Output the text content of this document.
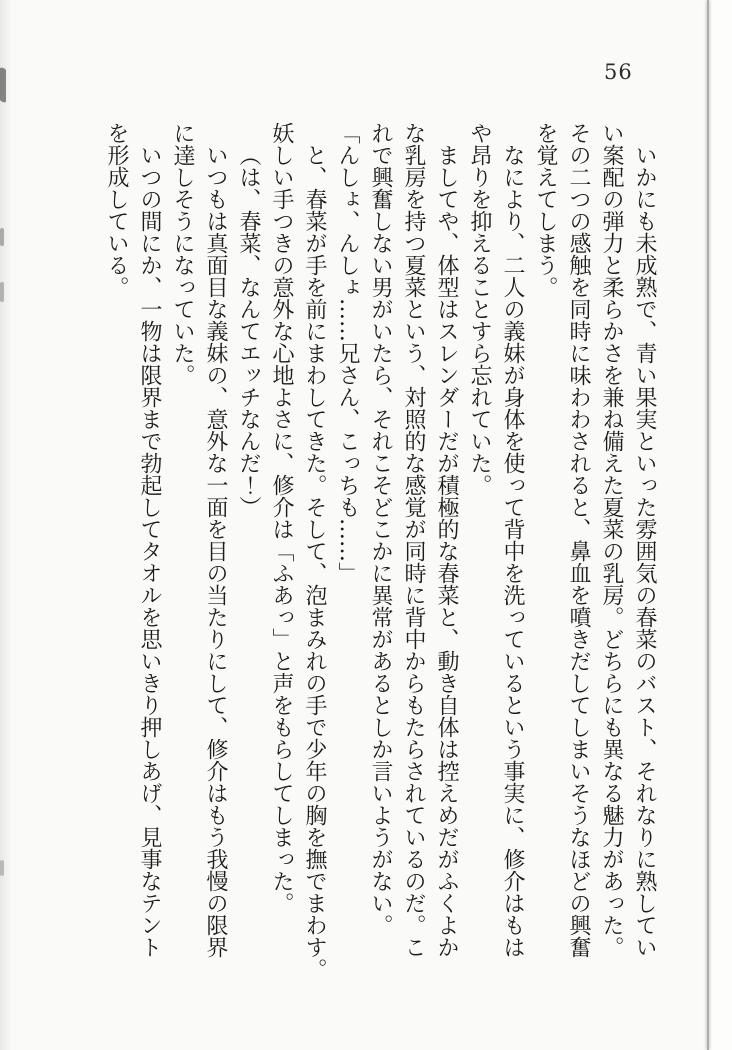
56
いかにも未成熟で、青い果実といった雰囲気の春菜のバスト、それなりに熟してい
い案配の弾力と柔らかさを兼ね備えた夏菜の乳房。どちらにも異なる魅力があった。
その二つの感触を同時に味わわされると、鼻血を噴きだしてしまいそうなほどの興奮
を覚えてしまう。
なにより、二人の義妹が身体を使って背中を洗っているという事実に、修介はもは
や昂りを抑えることすら忘れていた。
ましてや、体型はスレンダーだが積極的な春菜と、動き自体は控えめだがふくよか
な乳房を持つ夏菜という、対照的な感覚が同時に背中からもたらされているのだ。こ
れで興奮しない男がいたら、それこそどこかに異常があるとしか言いようがない。
「んしょ、んしょ……兄さん、こっちも……」
と、春菜が手を前にまわしてきた。そして、泡まみれの手で少年の胸を撫でまわす。
妖しい手つきの意外な心地よさに、修介は「ふあっ」と声をもらしてしまった。
（は、春菜、なんてエッチなんだ！）
いつもは真面目な義妹の、意外な一面を目の当たりにして、修介はもう我慢の限界
に達しそうになっていた。
いつの間にか、一物は限界まで勃起してタオルを思いきり押しあげ、見事なテント
を形成している。
